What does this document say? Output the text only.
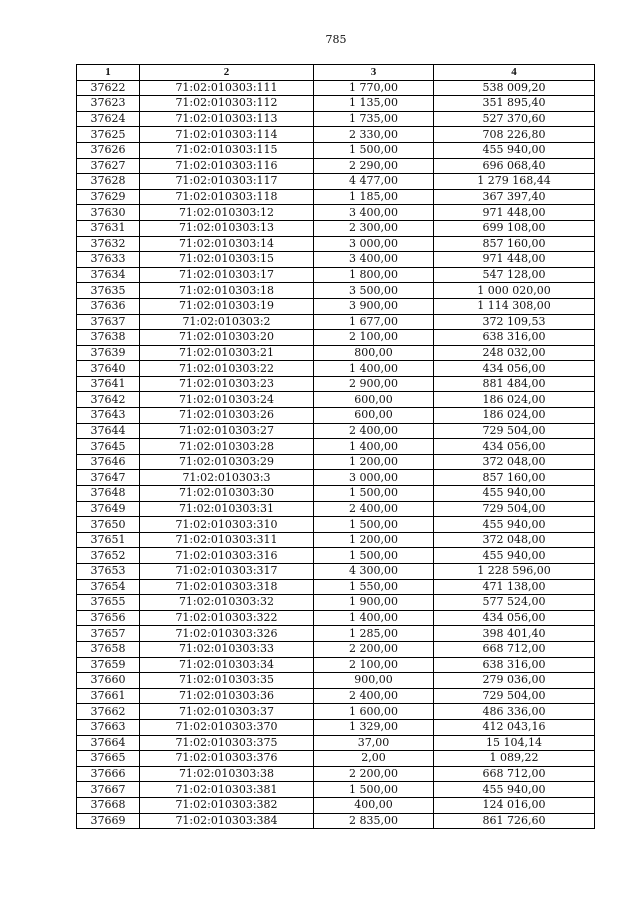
785
1	2	3	4
37622	71:02:010303:111	1 770,00	538 009,20
37623	71:02:010303:112	1 135,00	351 895,40
37624	71:02:010303:113	1 735,00	527 370,60
37625	71:02:010303:114	2 330,00	708 226,80
37626	71:02:010303:115	1 500,00	455 940,00
37627	71:02:010303:116	2 290,00	696 068,40
37628	71:02:010303:117	4 477,00	1 279 168,44
37629	71:02:010303:118	1 185,00	367 397,40
37630	71:02:010303:12	3 400,00	971 448,00
37631	71:02:010303:13	2 300,00	699 108,00
37632	71:02:010303:14	3 000,00	857 160,00
37633	71:02:010303:15	3 400,00	971 448,00
37634	71:02:010303:17	1 800,00	547 128,00
37635	71:02:010303:18	3 500,00	1 000 020,00
37636	71:02:010303:19	3 900,00	1 114 308,00
37637	71:02:010303:2	1 677,00	372 109,53
37638	71:02:010303:20	2 100,00	638 316,00
37639	71:02:010303:21	800,00	248 032,00
37640	71:02:010303:22	1 400,00	434 056,00
37641	71:02:010303:23	2 900,00	881 484,00
37642	71:02:010303:24	600,00	186 024,00
37643	71:02:010303:26	600,00	186 024,00
37644	71:02:010303:27	2 400,00	729 504,00
37645	71:02:010303:28	1 400,00	434 056,00
37646	71:02:010303:29	1 200,00	372 048,00
37647	71:02:010303:3	3 000,00	857 160,00
37648	71:02:010303:30	1 500,00	455 940,00
37649	71:02:010303:31	2 400,00	729 504,00
37650	71:02:010303:310	1 500,00	455 940,00
37651	71:02:010303:311	1 200,00	372 048,00
37652	71:02:010303:316	1 500,00	455 940,00
37653	71:02:010303:317	4 300,00	1 228 596,00
37654	71:02:010303:318	1 550,00	471 138,00
37655	71:02:010303:32	1 900,00	577 524,00
37656	71:02:010303:322	1 400,00	434 056,00
37657	71:02:010303:326	1 285,00	398 401,40
37658	71:02:010303:33	2 200,00	668 712,00
37659	71:02:010303:34	2 100,00	638 316,00
37660	71:02:010303:35	900,00	279 036,00
37661	71:02:010303:36	2 400,00	729 504,00
37662	71:02:010303:37	1 600,00	486 336,00
37663	71:02:010303:370	1 329,00	412 043,16
37664	71:02:010303:375	37,00	15 104,14
37665	71:02:010303:376	2,00	1 089,22
37666	71:02:010303:38	2 200,00	668 712,00
37667	71:02:010303:381	1 500,00	455 940,00
37668	71:02:010303:382	400,00	124 016,00
37669	71:02:010303:384	2 835,00	861 726,60
